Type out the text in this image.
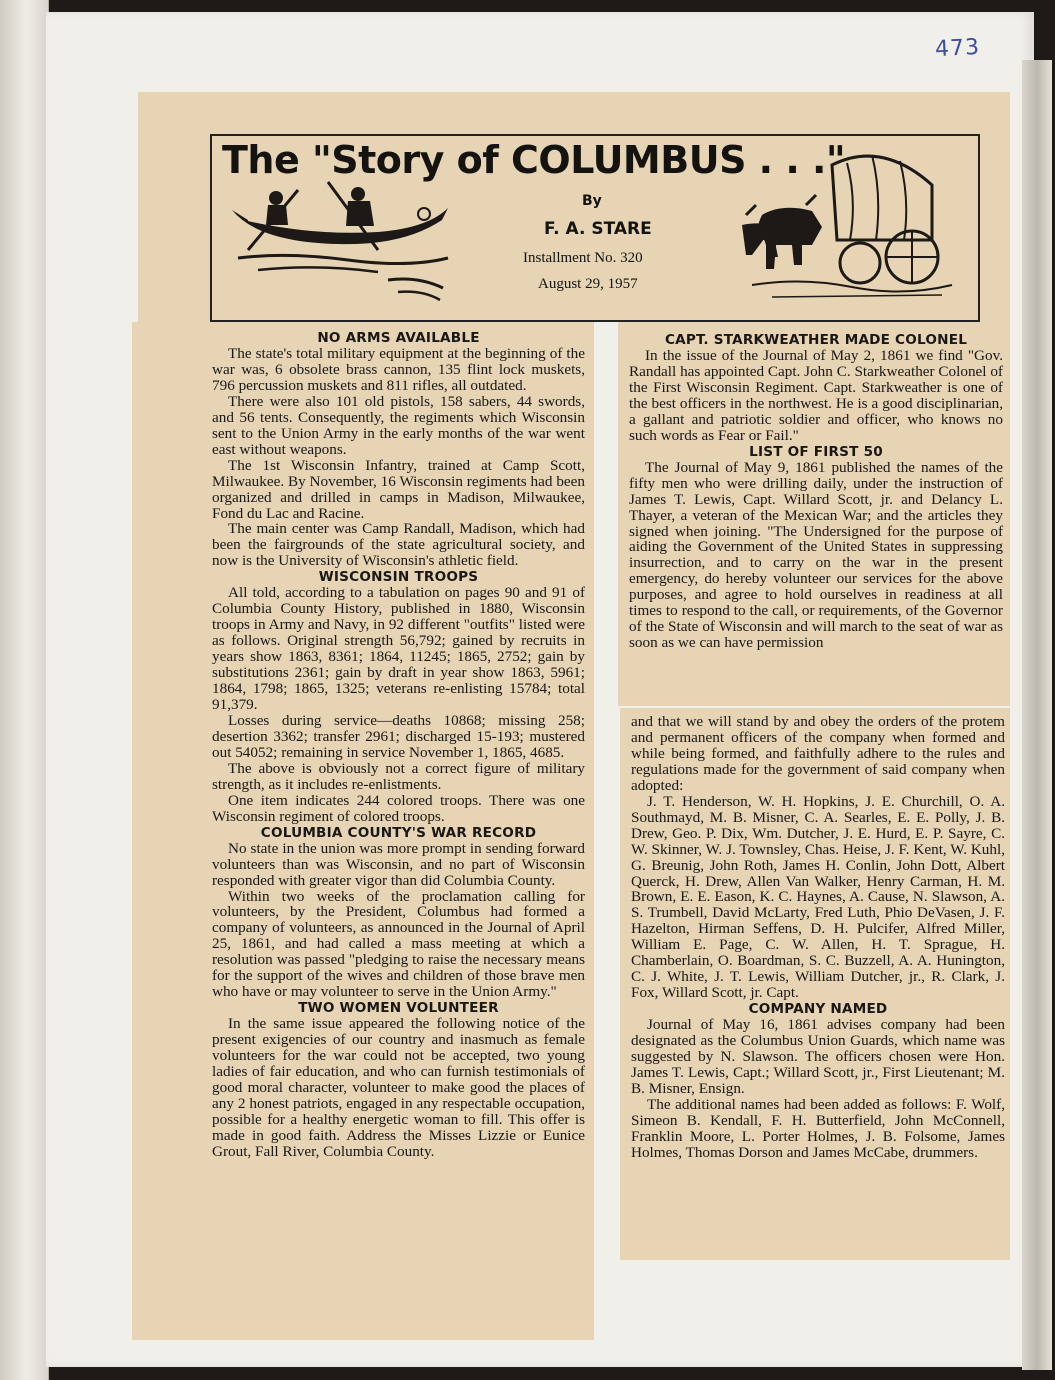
473
The "Story of COLUMBUS . . ."
By
F. A. STARE
Installment No. 320
August 29, 1957
NO ARMS AVAILABLE

The state's total military equipment at the beginning of the war was, 6 obsolete brass cannon, 135 flint lock muskets, 796 percussion muskets and 811 rifles, all outdated.

There were also 101 old pistols, 158 sabers, 44 swords, and 56 tents. Consequently, the regiments which Wisconsin sent to the Union Army in the early months of the war went east without weapons.

The 1st Wisconsin Infantry, trained at Camp Scott, Milwaukee. By November, 16 Wisconsin regiments had been organized and drilled in camps in Madison, Milwaukee, Fond du Lac and Racine.

The main center was Camp Randall, Madison, which had been the fairgrounds of the state agricultural society, and now is the University of Wisconsin's athletic field.

WISCONSIN TROOPS

All told, according to a tabulation on pages 90 and 91 of Columbia County History, published in 1880, Wisconsin troops in Army and Navy, in 92 different "outfits" listed were as follows. Original strength 56,792; gained by recruits in years show 1863, 8361; 1864, 11245; 1865, 2752; gain by substitutions 2361; gain by draft in year show 1863, 5961; 1864, 1798; 1865, 1325; veterans re-enlisting 15784; total 91,379.

Losses during service—deaths 10868; missing 258; desertion 3362; transfer 2961; discharged 15-193; mustered out 54052; remaining in service November 1, 1865, 4685.

The above is obviously not a correct figure of military strength, as it includes re-enlistments.

One item indicates 244 colored troops. There was one Wisconsin regiment of colored troops.

COLUMBIA COUNTY'S WAR RECORD

No state in the union was more prompt in sending forward volunteers than was Wisconsin, and no part of Wisconsin responded with greater vigor than did Columbia County.

Within two weeks of the proclamation calling for volunteers, by the President, Columbus had formed a company of volunteers, as announced in the Journal of April 25, 1861, and had called a mass meeting at which a resolution was passed "pledging to raise the necessary means for the support of the wives and children of those brave men who have or may volunteer to serve in the Union Army."

TWO WOMEN VOLUNTEER

In the same issue appeared the following notice of the present exigencies of our country and inasmuch as female volunteers for the war could not be accepted, two young ladies of fair education, and who can furnish testimonials of good moral character, volunteer to make good the places of any 2 honest patriots, engaged in any respectable occupation, possible for a healthy energetic woman to fill. This offer is made in good faith. Address the Misses Lizzie or Eunice Grout, Fall River, Columbia County.

CAPT. STARKWEATHER MADE COLONEL

In the issue of the Journal of May 2, 1861 we find "Gov. Randall has appointed Capt. John C. Starkweather Colonel of the First Wisconsin Regiment. Capt. Starkweather is one of the best officers in the northwest. He is a good disciplinarian, a gallant and patriotic soldier and officer, who knows no such words as Fear or Fail."

LIST OF FIRST 50

The Journal of May 9, 1861 published the names of the fifty men who were drilling daily, under the instruction of James T. Lewis, Capt. Willard Scott, jr. and Delancy L. Thayer, a veteran of the Mexican War; and the articles they signed when joining. "The Undersigned for the purpose of aiding the Government of the United States in suppressing insurrection, and to carry on the war in the present emergency, do hereby volunteer our services for the above purposes, and agree to hold ourselves in readiness at all times to respond to the call, or requirements, of the Governor of the State of Wisconsin and will march to the seat of war as soon as we can have permission

and that we will stand by and obey the orders of the protem and permanent officers of the company when formed and while being formed, and faithfully adhere to the rules and regulations made for the government of said company when adopted:

J. T. Henderson, W. H. Hopkins, J. E. Churchill, O. A. Southmayd, M. B. Misner, C. A. Searles, E. E. Polly, J. B. Drew, Geo. P. Dix, Wm. Dutcher, J. E. Hurd, E. P. Sayre, C. W. Skinner, W. J. Townsley, Chas. Heise, J. F. Kent, W. Kuhl, G. Breunig, John Roth, James H. Conlin, John Dott, Albert Querck, H. Drew, Allen Van Walker, Henry Carman, H. M. Brown, E. E. Eason, K. C. Haynes, A. Cause, N. Slawson, A. S. Trumbell, David McLarty, Fred Luth, Phio DeVasen, J. F. Hazelton, Hirman Seffens, D. H. Pulcifer, Alfred Miller, William E. Page, C. W. Allen, H. T. Sprague, H. Chamberlain, O. Boardman, S. C. Buzzell, A. A. Hunington, C. J. White, J. T. Lewis, William Dutcher, jr., R. Clark, J. Fox, Willard Scott, jr. Capt.

COMPANY NAMED

Journal of May 16, 1861 advises company had been designated as the Columbus Union Guards, which name was suggested by N. Slawson. The officers chosen were Hon. James T. Lewis, Capt.; Willard Scott, jr., First Lieutenant; M. B. Misner, Ensign.

The additional names had been added as follows: F. Wolf, Simeon B. Kendall, F. H. Butterfield, John McConnell, Franklin Moore, L. Porter Holmes, J. B. Folsome, James Holmes, Thomas Dorson and James McCabe, drummers.
